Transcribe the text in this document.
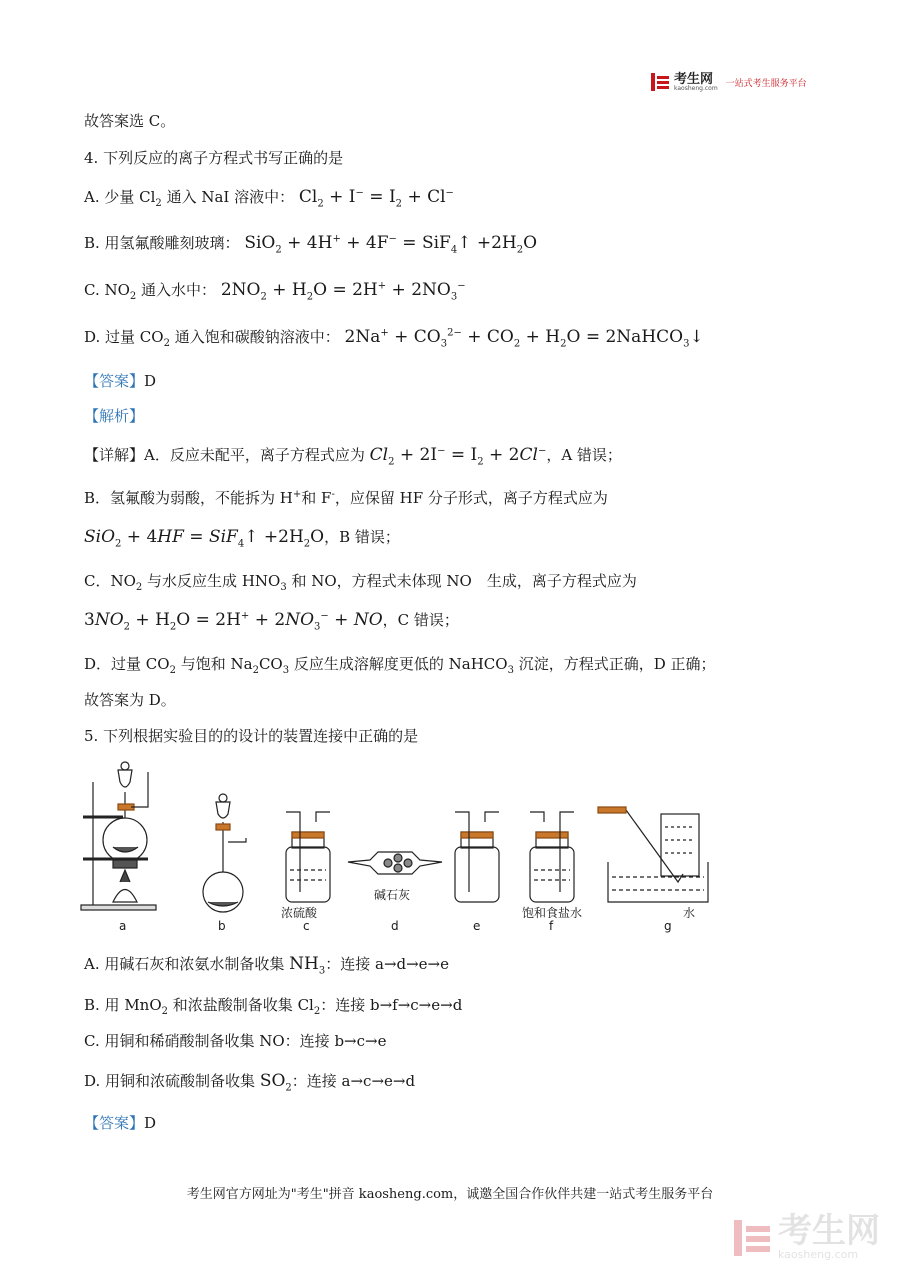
考生网
kaosheng.com 一站式考生服务平台
故答案选 C。
4. 下列反应的离子方程式书写正确的是
A. 少量 $Cl_2$ 通入 NaI 溶液中： $Cl_2 + I^- = I_2 + Cl^-$
B. 用氢氟酸雕刻玻璃： SiO$_2$ + 4H+ + 4F− = SiF$_4$↑ $+2H_2O$
C. $NO_2$ 通入水中： $2NO_2 + H_2O = 2H^+ + 2NO_3^-$
D. 过量 $CO_2$ 通入饱和碳酸钠溶液中： $2Na^+ + CO_3^{2-} + CO_2 + H_2O$ = 2NaHCO$_3$↓
【答案】D
【解析】
【详解】A．反应未配平，离子方程式应为 $Cl_2 + 2I^- = I_2 + 2Cl^-$，A 错误；
B．氢氟酸为弱酸，不能拆为 H+和 F-，应保留 HF 分子形式，离子方程式应为
SiO$_2$ + 4HF = SiF$_4$↑ $+2H_2O$，B 错误；
C．$NO_2$ 与水反应生成 $HNO_3$ 和 NO，方程式未体现 NO　生成，离子方程式应为
$3NO_2 + H_2O = 2H^+ + 2NO_3^-$ + NO，C 错误；
D．过量 $CO_2$ 与饱和 $Na_2CO_3$ 反应生成溶解度更低的 NaHCO$_3$ 沉淀，方程式正确，D 正确；
故答案为 D。
5. 下列根据实验目的的设计的装置连接中正确的是
浓硫酸
碱石灰
饱和食盐水	水
a	b	c	d	e	f	g
A. 用碱石灰和浓氨水制备收集 $NH_3$：连接 a→d→e→e
B. 用 MnO$_2$ 和浓盐酸制备收集 $Cl_2$：连接 b→f→c→e→d
C. 用铜和稀硝酸制备收集 NO：连接 b→c→e
D. 用铜和浓硫酸制备收集 $SO_2$：连接 a→c→e→d
【答案】D
考生网官方网址为"考生"拼音 kaosheng.com，诚邀全国合作伙伴共建一站式考生服务平台
考生网
kaosheng.com
